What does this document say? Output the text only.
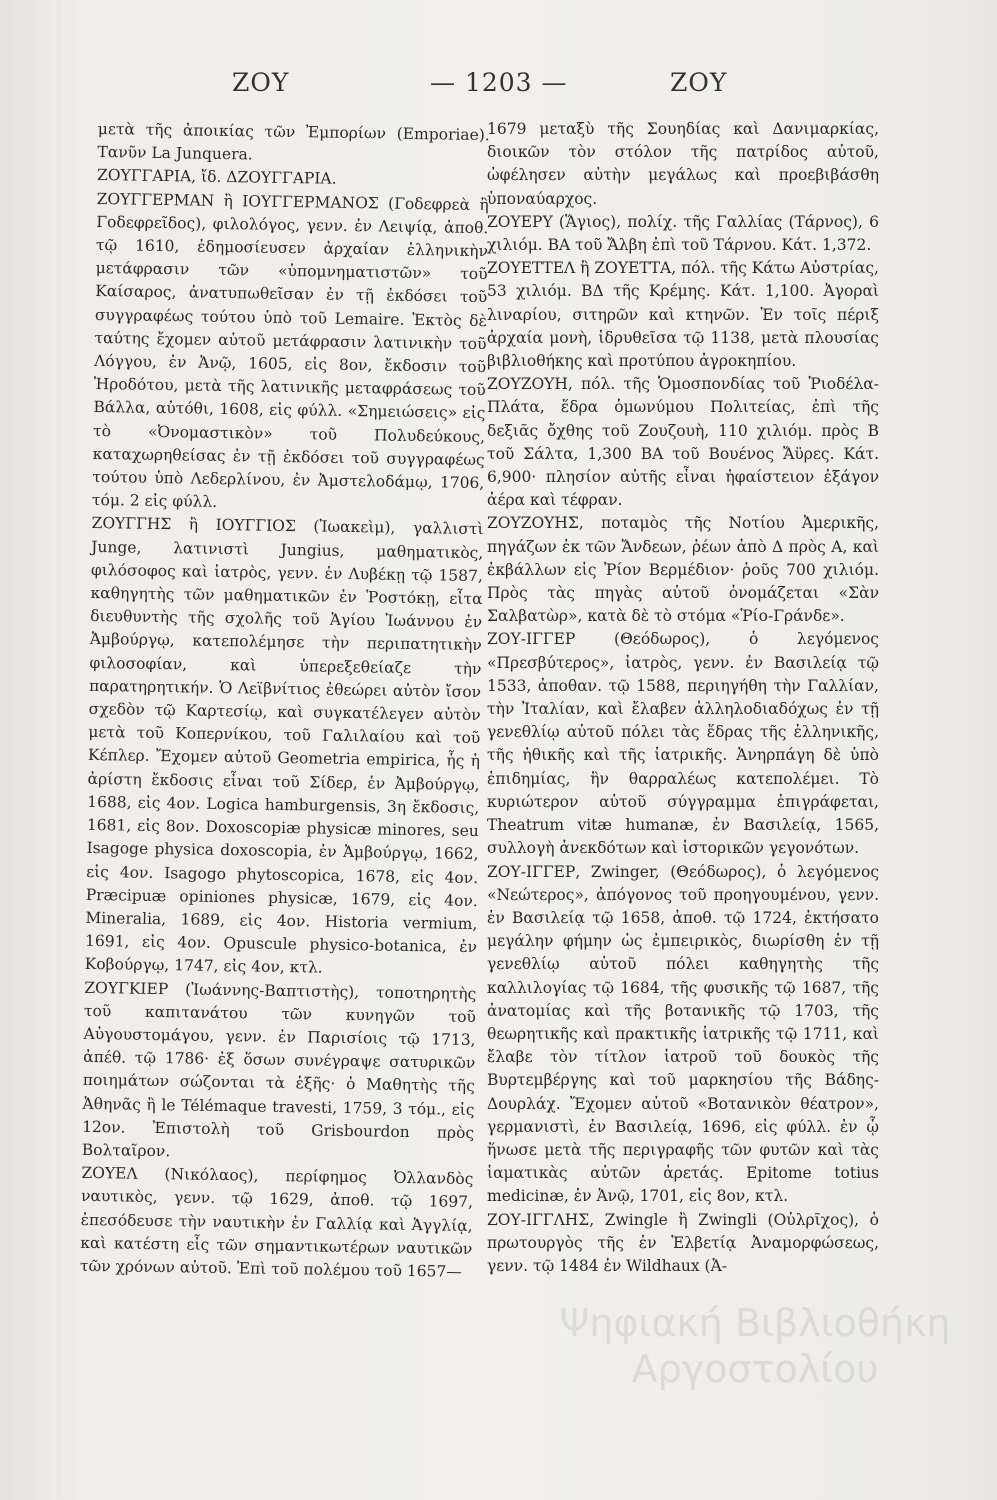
ΖΟΥ	— 1203 —	ΖΟΥ

μετὰ τῆς ἀποικίας τῶν Ἐμπορίων (Emporiae). Τανῦν La Junquera.

ΖΟΥΓΓΑΡΙΑ, ἴδ. ΔΖΟΥΓΓΑΡΙΑ.

ΖΟΥΓΓΕΡΜΑΝ ἢ ΙΟΥΓΓΕΡΜΑΝΟΣ (Γοδεφρεὰ ἢ Γοδεφρεῖδος), φιλολόγος, γενν. ἐν Λειψίᾳ, ἀποθ. τῷ 1610, ἐδημοσίευσεν ἀρχαίαν ἑλληνικὴν μετάφρασιν τῶν «ὑπομνηματιστῶν» τοῦ Καίσαρος, ἀνατυπωθεῖσαν ἐν τῇ ἐκδόσει τοῦ συγγραφέως τούτου ὑπὸ τοῦ Lemaire. Ἐκτὸς δὲ ταύτης ἔχομεν αὐτοῦ μετάφρασιν λατινικὴν τοῦ Λόγγου, ἐν Ἀνῷ, 1605, εἰς 8ον, ἔκδοσιν τοῦ Ἡροδότου, μετὰ τῆς λατινικῆς μεταφράσεως τοῦ Βάλλα, αὐτόθι, 1608, εἰς φύλλ. «Σημειώσεις» εἰς τὸ «Ὀνομαστικὸν» τοῦ Πολυδεύκους, καταχωρηθείσας ἐν τῇ ἐκδόσει τοῦ συγγραφέως τούτου ὑπὸ Λεδερλίνου, ἐν Ἀμστελοδάμῳ, 1706, τόμ. 2 εἰς φύλλ.

ΖΟΥΓΓΗΣ ἢ ΙΟΥΓΓΙΟΣ (Ἰωακεὶμ), γαλλιστὶ Junge, λατινιστὶ Jungius, μαθηματικὸς, φιλόσοφος καὶ ἰατρὸς, γενν. ἐν Λυβέκῃ τῷ 1587, καθηγητὴς τῶν μαθηματικῶν ἐν Ῥοστόκῃ, εἶτα διευθυντὴς τῆς σχολῆς τοῦ Ἁγίου Ἰωάννου ἐν Ἀμβούργῳ, κατεπολέμησε τὴν περιπατητικὴν φιλοσοφίαν, καὶ ὑπερεξεθείαζε τὴν παρατηρητικήν. Ὁ Λεϊβνίτιος ἐθεώρει αὐτὸν ἴσον σχεδὸν τῷ Καρτεσίῳ, καὶ συγκατέλεγεν αὐτὸν μετὰ τοῦ Κοπερνίκου, τοῦ Γαλιλαίου καὶ τοῦ Κέπλερ. Ἔχομεν αὐτοῦ Geometria empirica, ἧς ἡ ἀρίστη ἔκδοσις εἶναι τοῦ Σίδερ, ἐν Ἀμβούργῳ, 1688, εἰς 4ον. Logica hamburgensis, 3η ἔκδοσις, 1681, εἰς 8ον. Doxoscopiæ physicæ minores, seu Isagoge physica doxoscopia, ἐν Ἀμβούργῳ, 1662, εἰς 4ον. Isagogo phytoscopica, 1678, εἰς 4ον. Præcipuæ opiniones physicæ, 1679, εἰς 4ον. Mineralia, 1689, εἰς 4ον. Historia vermium, 1691, εἰς 4ον. Opuscule physico-botanica, ἐν Κοβούργῳ, 1747, εἰς 4ον, κτλ.

ΖΟΥΓΚΙΕΡ (Ἰωάννης-Βαπτιστὴς), τοποτηρητὴς τοῦ καπιτανάτου τῶν κυνηγῶν τοῦ Αὐγουστομάγου, γενν. ἐν Παρισίοις τῷ 1713, ἀπέθ. τῷ 1786· ἐξ ὅσων συνέγραψε σατυρικῶν ποιημάτων σώζονται τὰ ἑξῆς· ὁ Μαθητὴς τῆς Ἀθηνᾶς ἢ le Télémaque travesti, 1759, 3 τόμ., εἰς 12ον. Ἐπιστολὴ τοῦ Grisbourdon πρὸς Βολταῖρον.

ΖΟΥΕΛ (Νικόλαος), περίφημος Ὀλλανδὸς ναυτικὸς, γενν. τῷ 1629, ἀποθ. τῷ 1697, ἐπεσόδευσε τὴν ναυτικὴν ἐν Γαλλίᾳ καὶ Ἀγγλίᾳ, καὶ κατέστη εἷς τῶν σημαντικωτέρων ναυτικῶν τῶν χρόνων αὐτοῦ. Ἐπὶ τοῦ πολέμου τοῦ 1657—

1679 μεταξὺ τῆς Σουηδίας καὶ Δανιμαρκίας, διοικῶν τὸν στόλον τῆς πατρίδος αὐτοῦ, ὠφέλησεν αὐτὴν μεγάλως καὶ προεβιβάσθη ὑποναύαρχος.

ΖΟΥΕΡΥ (Ἅγιος), πολίχ. τῆς Γαλλίας (Τάρνος), 6 χιλιόμ. ΒΑ τοῦ Ἄλβη ἐπὶ τοῦ Τάρνου. Κάτ. 1,372.

ΖΟΥΕΤΤΕΛ ἢ ΖΟΥΕΤΤΑ, πόλ. τῆς Κάτω Αὐστρίας, 53 χιλιόμ. ΒΔ τῆς Κρέμης. Κάτ. 1,100. Ἀγοραὶ λιναρίου, σιτηρῶν καὶ κτηνῶν. Ἐν τοῖς πέριξ ἀρχαία μονὴ, ἱδρυθεῖσα τῷ 1138, μετὰ πλουσίας βιβλιοθήκης καὶ προτύπου ἀγροκηπίου.

ΖΟΥΖΟΥΗ, πόλ. τῆς Ὁμοσπονδίας τοῦ Ῥιοδέλα-Πλάτα, ἕδρα ὁμωνύμου Πολιτείας, ἐπὶ τῆς δεξιᾶς ὄχθης τοῦ Ζουζουὴ, 110 χιλιόμ. πρὸς Β τοῦ Σάλτα, 1,300 ΒΑ τοῦ Βουένος Ἄϋρες. Κάτ. 6,900· πλησίον αὐτῆς εἶναι ἡφαίστειον ἐξάγον ἀέρα καὶ τέφραν.

ΖΟΥΖΟΥΗΣ, ποταμὸς τῆς Νοτίου Ἀμερικῆς, πηγάζων ἐκ τῶν Ἄνδεων, ῥέων ἀπὸ Δ πρὸς Α, καὶ ἐκβάλλων εἰς Ῥίον Βερμέδιον· ῥοῦς 700 χιλιόμ. Πρὸς τὰς πηγὰς αὐτοῦ ὀνομάζεται «Σὰν Σαλβατὼρ», κατὰ δὲ τὸ στόμα «Ῥίο-Γράνδε».

ΖΟΥ-ΙΓΓΕΡ (Θεόδωρος), ὁ λεγόμενος «Πρεσβύτερος», ἰατρὸς, γενν. ἐν Βασιλείᾳ τῷ 1533, ἀποθαν. τῷ 1588, περιηγήθη τὴν Γαλλίαν, τὴν Ἰταλίαν, καὶ ἔλαβεν ἀλληλοδιαδόχως ἐν τῇ γενεθλίῳ αὐτοῦ πόλει τὰς ἕδρας τῆς ἑλληνικῆς, τῆς ἠθικῆς καὶ τῆς ἰατρικῆς. Ἀνηρπάγη δὲ ὑπὸ ἐπιδημίας, ἣν θαρραλέως κατεπολέμει. Τὸ κυριώτερον αὐτοῦ σύγγραμμα ἐπιγράφεται, Theatrum vitæ humanæ, ἐν Βασιλείᾳ, 1565, συλλογὴ ἀνεκδότων καὶ ἱστορικῶν γεγονότων.

ΖΟΥ-ΙΓΓΕΡ, Zwinger, (Θεόδωρος), ὁ λεγόμενος «Νεώτερος», ἀπόγονος τοῦ προηγουμένου, γενν. ἐν Βασιλείᾳ τῷ 1658, ἀποθ. τῷ 1724, ἐκτήσατο μεγάλην φήμην ὡς ἐμπειρικὸς, διωρίσθη ἐν τῇ γενεθλίῳ αὐτοῦ πόλει καθηγητὴς τῆς καλλιλογίας τῷ 1684, τῆς φυσικῆς τῷ 1687, τῆς ἀνατομίας καὶ τῆς βοτανικῆς τῷ 1703, τῆς θεωρητικῆς καὶ πρακτικῆς ἰατρικῆς τῷ 1711, καὶ ἔλαβε τὸν τίτλον ἰατροῦ τοῦ δουκὸς τῆς Βυρτεμβέργης καὶ τοῦ μαρκησίου τῆς Βάδης-Δουρλάχ. Ἔχομεν αὐτοῦ «Βοτανικὸν θέατρον», γερμανιστὶ, ἐν Βασιλείᾳ, 1696, εἰς φύλλ. ἐν ᾧ ἥνωσε μετὰ τῆς περιγραφῆς τῶν φυτῶν καὶ τὰς ἰαματικὰς αὐτῶν ἀρετάς. Epitome totius medicinæ, ἐν Ἀνῷ, 1701, εἰς 8ον, κτλ.

ΖΟΥ-ΙΓΓΛΗΣ, Zwingle ἢ Zwingli (Οὐλρῖχος), ὁ πρωτουργὸς τῆς ἐν Ἑλβετίᾳ Ἀναμορφώσεως, γενν. τῷ 1484 ἐν Wildhaux (Ἀ-

Ψηφιακή Βιβλιοθήκη Αργοστολίου
